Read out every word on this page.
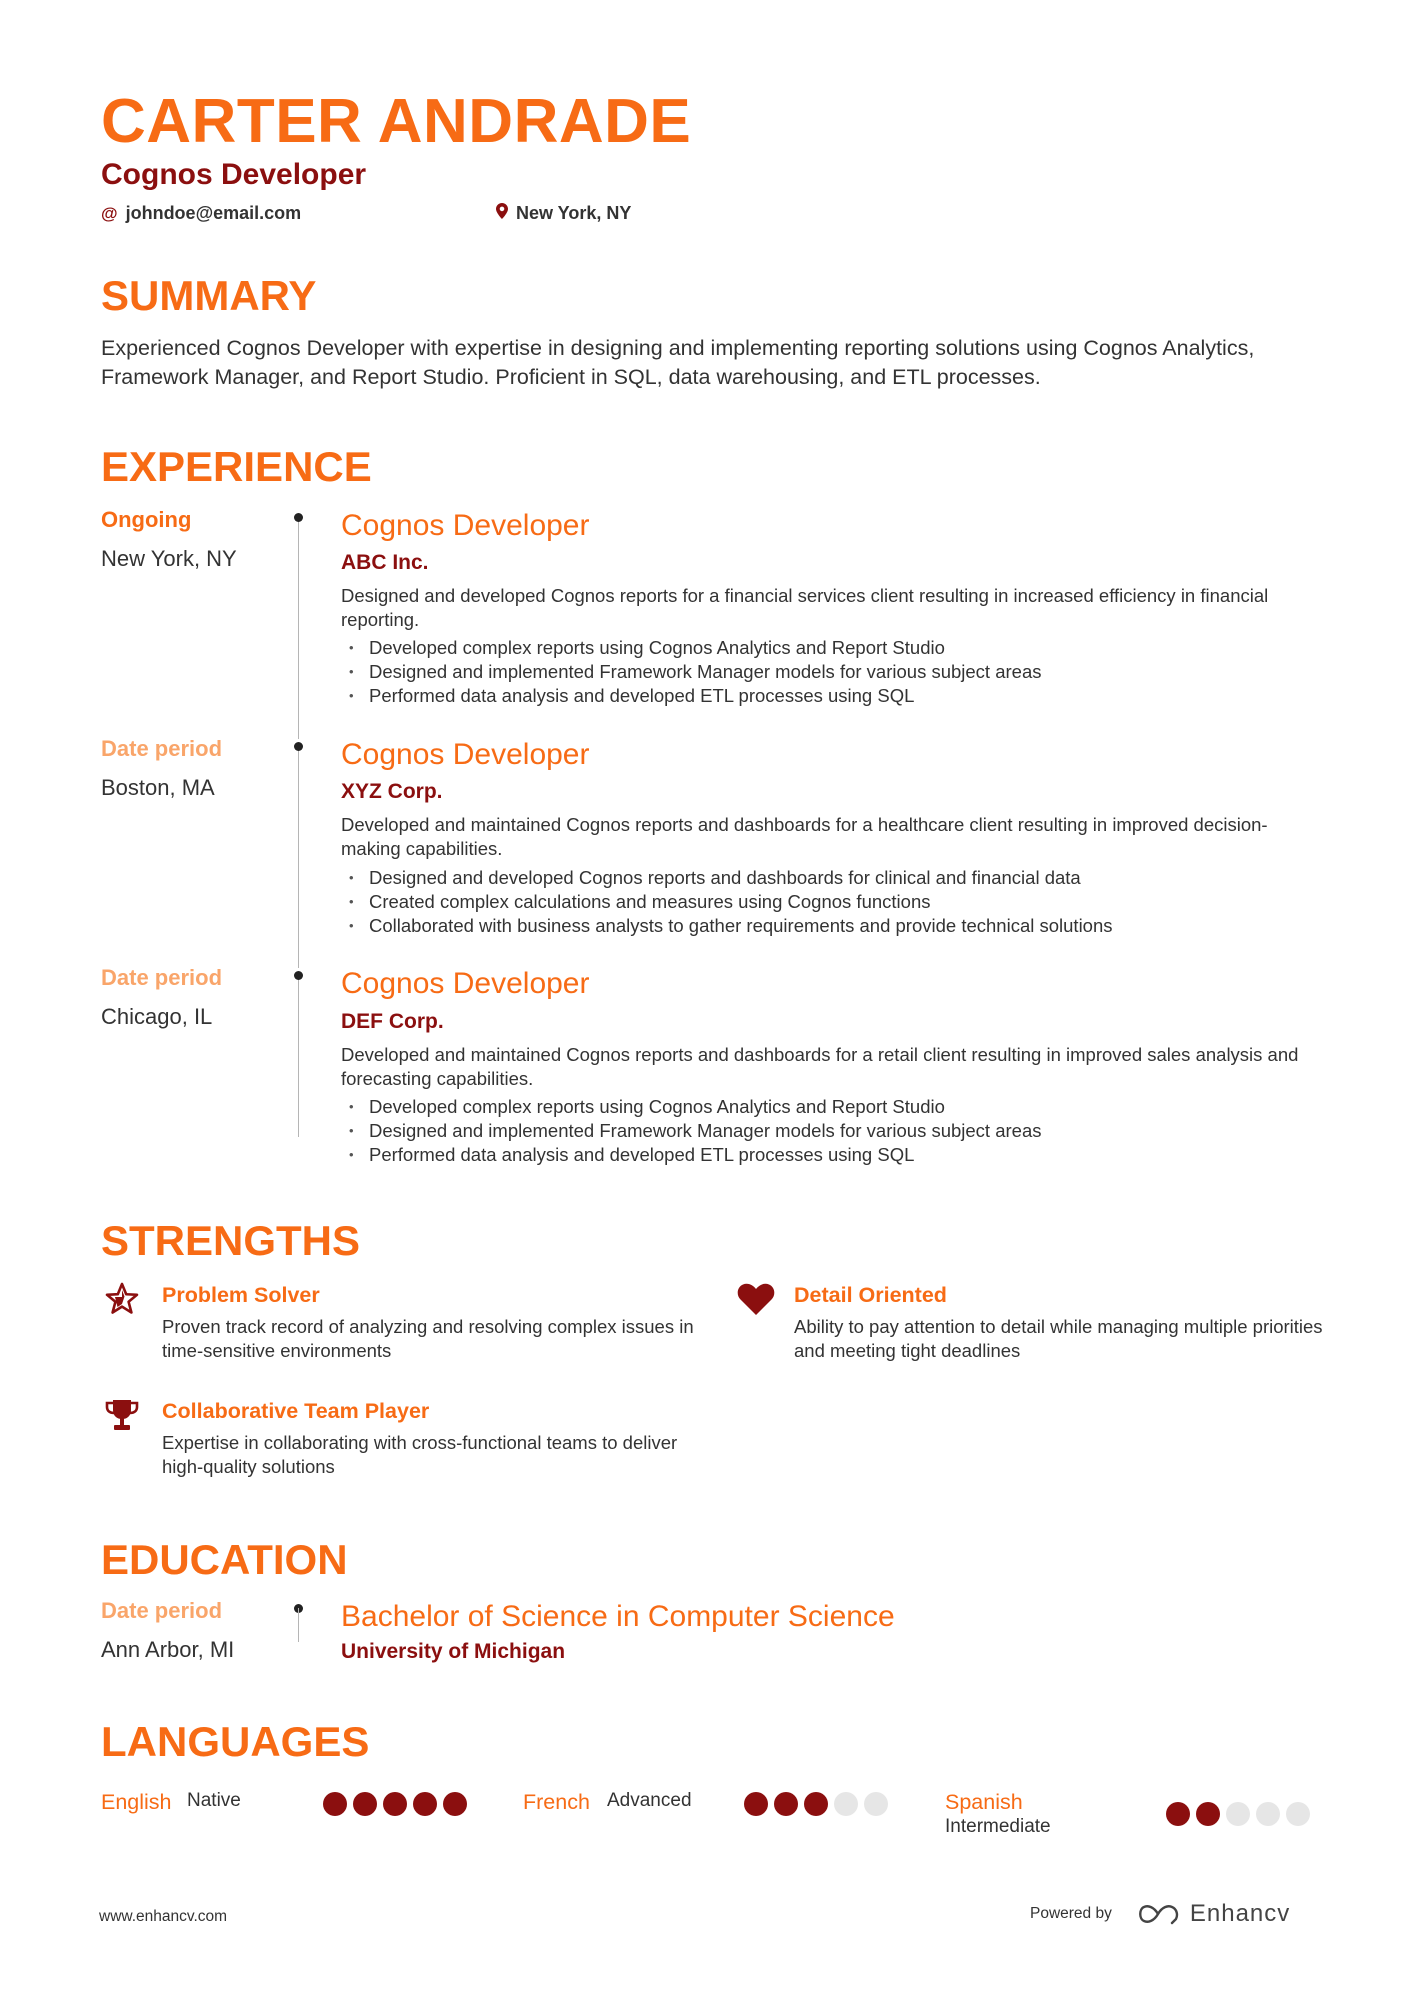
CARTER ANDRADE
Cognos Developer
@ johndoe@email.com	New York, NY
SUMMARY
Experienced Cognos Developer with expertise in designing and implementing reporting solutions using Cognos Analytics, Framework Manager, and Report Studio. Proficient in SQL, data warehousing, and ETL processes.
EXPERIENCE
Ongoing
New York, NY
Cognos Developer
ABC Inc.
Designed and developed Cognos reports for a financial services client resulting in increased efficiency in financial reporting.
• Developed complex reports using Cognos Analytics and Report Studio
• Designed and implemented Framework Manager models for various subject areas
• Performed data analysis and developed ETL processes using SQL
Date period
Boston, MA
Cognos Developer
XYZ Corp.
Developed and maintained Cognos reports and dashboards for a healthcare client resulting in improved decision-making capabilities.
• Designed and developed Cognos reports and dashboards for clinical and financial data
• Created complex calculations and measures using Cognos functions
• Collaborated with business analysts to gather requirements and provide technical solutions
Date period
Chicago, IL
Cognos Developer
DEF Corp.
Developed and maintained Cognos reports and dashboards for a retail client resulting in improved sales analysis and forecasting capabilities.
• Developed complex reports using Cognos Analytics and Report Studio
• Designed and implemented Framework Manager models for various subject areas
• Performed data analysis and developed ETL processes using SQL
STRENGTHS
Problem Solver
Proven track record of analyzing and resolving complex issues in time-sensitive environments
Detail Oriented
Ability to pay attention to detail while managing multiple priorities and meeting tight deadlines
Collaborative Team Player
Expertise in collaborating with cross-functional teams to deliver high-quality solutions
EDUCATION
Date period
Ann Arbor, MI
Bachelor of Science in Computer Science
University of Michigan
LANGUAGES
English Native	French Advanced	Spanish
Intermediate
www.enhancv.com	Powered by	Enhancv
